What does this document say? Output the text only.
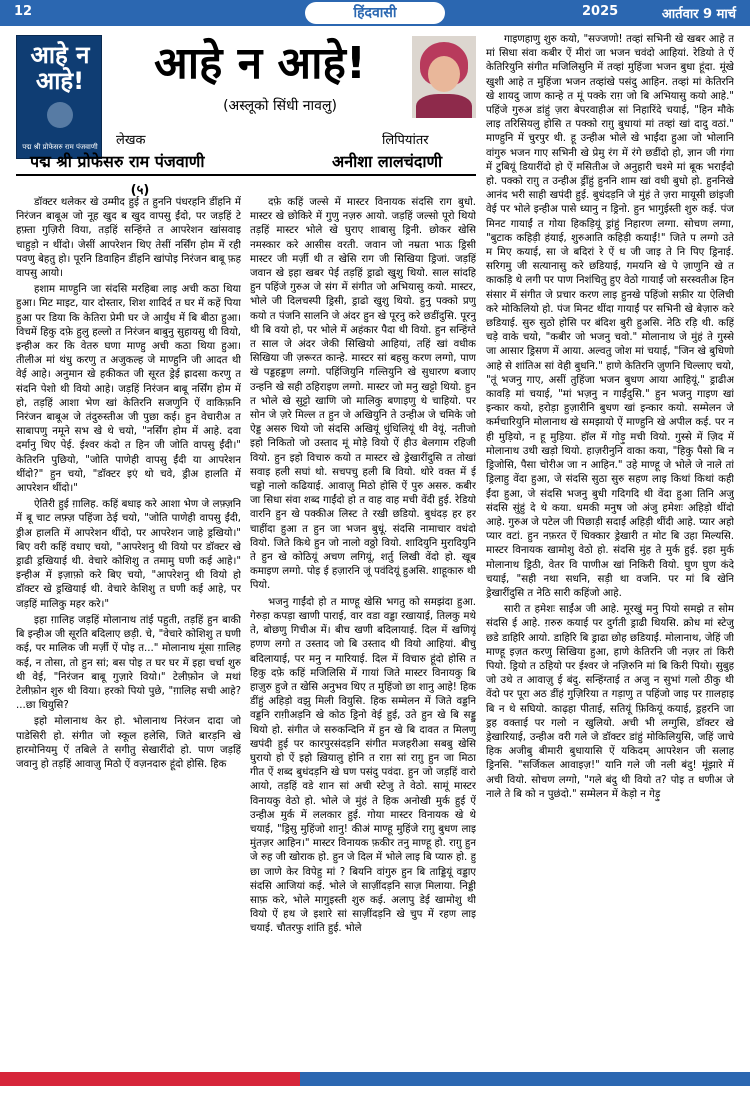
12	हिंदवासी	2025	आर्तवार 9 मार्च
आहे न आहे!
पद्म श्री प्रोफेसरु राम पंजवाणी
आहे न आहे!
(अस्लूको सिंधी नावलु)
लेखक	लिपियांतर
पद्म श्री प्रोफेसरु राम पंजवाणी	अनीशा लालचंदाणी
(५)

डॉक्टर थलेकर खे उम्मीद हुई त हुननि पंधरहनि डींहनि में निरंजन बाबूअ जो नूह खुद ब खुद वापसु ईंदो, पर जड़हिं टे हफ़्ता गुज़िरी विया, तड़हिं सन्हिंग्ते त आपरेशन खांसवाइ चाहुड़ो न थींदो। जेसीं आपरेशन थिए तेसीं नर्सिंग होम में रही पवणु बेहतु हो। पूरनि डिवाहिन डींहनि खांपोइ निरंजन बाबू फ़ह वापसु आयो।

हशाम माण्हुनि जा संदसि मरहिबा लाइ अची कठा थिया हुआ। मिट माइट, यार दोस्तार, शिश शादिर्द त घर में कहें पिया हुआ पर डिया कि केतिरा प्रेमी घर जे आर्युंध में बि बीठा हुआ। विचमें हिकु दफ़े हुलु हल्लो त निरंजन बाबुनु सुहायसु थी वियो, इन्हीअ कर कि वेतरु घणा माण्हु अची कठा थिया हुआ। तीलीअ मां थंधु करणु त अजुकल्ह जे माण्हुनि जी आदत थी वेई आहे। अनुमान खे हकीकत जी सूरत ड्रेई ह्रादसा करणु त संदनि पेशो थी वियो आहे। जड़हिं निरंजन बाबू नर्सिंग होम में हो, तड़हिं आशा भेण खां केतिरनि सजणुनि ऐं वाकिफ़नि निरंजन बाबूअ जे तंदुरुस्तीअ जी पुछा कई। हुन वेचारीअ त साबापणु नमूने सभ खे थे चयो, "नर्सिंग होम में आहे. दवा दर्मानु थिए पेई. ईश्वर कंदो त हिन जी जोति वापसु ईंदी।" केतिरनि पुछियो, "जोति पाणेही वापसु ईंदी या आपरेशन थींदो?" हुन चयो, "डॉक्टर इएं थो चवे, ड्रीअ हालति में आपरेशन थींदो।"

ऐतिरी हुई ग़ालिह. कहिं बधाइ करे आशा भेण जे लफ़्ज़नि में बू चाट लफ़्ज़ पहिंजा ठेई चयो, "जोति पाणेही वापसु ईंदी, ड्रीअ हालति में आपरेशन थींदो, पर आपरेशन जाहे ड्रखियो।" बिए वरी कहिं वधाए चयो, "आपरेशनु थी वियो पर डॉक्टर खे ड्राढी ड्रखियाई थी. वेचारे कोशिशु त तमामु घणी कई आहे।" इन्हीअ में इज़ाफ़ो करे बिए चयो, "आपरेशनु थी वियो हो डॉक्टर खे ड्रखियाई थी. वेचारे केशिशु त घणी कई आहे, पर जड़हिं मालिकु महर करे।"

इहा ग़ालिह जड़हिं मोलानाथ तांई पहुती, तड़हिं हुन बाकी बि इन्हीअ जी सूरति बदिलाए छड़ी. चे, "वेचारे कोशिशु त घणी कई, पर मालिक जी मर्ज़ी ऐं पोइ त..." मोलानाथ मूंसा ग़ालिह कई, न तोसा, तो हुन सां; बस पोइ त घर घर में इहा चर्चा शुरु थी वेई, "निरंजन बाबू गुज़ारे वियो।" टेलीफ़ोन जे मथां टेलीफ़ोन शुरु थी विया। हरको पियो पुछे, "ग़ालिह सची आहे? ...छा थियुसि?

इहो मोलानाथ केर हो. भोलानाथ निरंजन दादा जो पाडेसिरी हो. संगीत जो स्कूल हलेसि, जिते बारड़नि खे हारमोनियमु ऐं तबिले ते सगीतु सेखारींदो हो. पाण जड़हिं जवानु हो तड़हिं आवाज़ु मिठो ऐं वज़नदारु हूंदो होसि. हिक

दफ़े कहिं जल्से में मास्टर विनायक संदसि राग बुधो. मास्टर खे छोकिरे में गुणु नज़रु आयो. जड़हिं जल्सो पूरो थियो तड़हिं मास्टर भोले खे घुराए शाबासु ड्रिनी. छोकर खेसि नमस्कार करे आसीस वरती. जवान जो नम्रता भाऊ ड्रिसी मास्टर जी मर्ज़ी थी त खेसि राग जी सिखिया ड्रिजां. जड़हिं जवान खे इहा खबर पेई तड़हिं ड्राढो खुशु थियो. साल सांदहि हुन पहिंजे गुरुअ जे संग में संगीत जो अभियासु कयो. मास्टर, भोले जी दिलचस्पी ड्रिसी, ड्राढो खुशु थियो. हुनु पक्को प्रणु कयो त पंजनि सालनि जे अंदर हुन खे पूरनु करे छडींदुसि. पूरनु थी बि वयो हो, पर भोले में अहंकार पैदा थी वियो. हुन सन्हिंग्ते त साल जे अंदर जेकी सिखियो आहियां, तहिं खां वधीक सिखिया जी ज़रूरत कान्हे. मास्टर सां बहसु करण लग्गो, पाण खे पड्डहड्डण लग्गो. पहिंजियुनि गल्तियुनि खे सुधारण बजाए उन्हनि खे सही ठहिराइण लग्गो. मास्टर जो मनु खट्टो थियो. हुन त भोले खे सुट्टो खाणि जो मालिकु बणाइणु थे चाहियो. पर सोन जे ज़रे मिल्ल त हुन जे अखियुनि ते उन्हीअ जे चमिके जो ऐड्ड असरु थियो जो संदसि अखियूं धुंधिलियूं थी वेयूं. नतीजो इहो निकितो जो उस्ताद मूं मोड़े वियो ऐं हीउ बेलगाम रहिजी वियो. हुन इहो विचारु कयो त मास्टर खे ड्रेखारींदुसि त तोखां सवाइ हली सघां थो. सचपचु हली बि वियो. थोरे वक्त में ई चड्डो नालो कढियाई. आवाज़ु मिठो होसि ऐं पुरु असरु. कबीर जा सिधा संवा शब्द गाईंदो हो त वाह वाह मची वेंदी हुई. रेडियो वारनि हुन खे पक्कीअ लिस्ट ते रखी छडियो. बुधंदड़ हर हर चाहींदा हुआ त हुन जा भजन बुधूं. संदसि नामाचार वधंदो वियो. जिते किथे हुन जो नालो वठ्ठो वियो. शादियुनि मुरादियुनि ते हुन खे कोठियूं अचण लगियूं, शर्तु लिखी वेंदो हो. खूब कमाइण लग्गो. पोइ ई हज़ारनि जूं पवंदियूं हुअसि. शाहूकारु थी पियो.

भजनु गाईंदो हो त माण्हू खेसि भगतु को समझंदा हुआ. गेरुड़ा कपड़ा खाणी पाराई, वार वडा वड्डा रखायाई, तिलकु मथे ते, बोछणु गिचीअ में। बीच खणी बदिलायाई. दिल में खणियूं हणण लगो त उस्ताद जो बि उस्ताद थी वियो आहियां. बीचु बदिलायाई, पर मनु न मारियाई. दिल में विचारु हूंदो होसि त हिकु दफ़े कहिं मजिलिसि में गायां जिते मास्टर विनायकु बि हाज़ुरु हुजे त खेसि अनुभव थिए त मुहिंजो छा शानु आहे! हिक डींहुं अहिड़ो वझु मिली वियुसि. हिक सम्मेलन में जिते वड्डनि वड्डनि राग़ीअड़नि खे कोठ ड्रिनो वेई हुई, उते हुन खे बि सड्डु थियो हो. संगीत जे सरुकन्दिनि में हुन खे बि दावत त मिलणु खपंदी हुई पर कारपुरसंदड़नि संगीत मजहरीआ सबबु खेसि घुरायो हो ऐं इहो ख़ियालु होनि त राग़ सां राग़ु हुन जा मिठा गीत ऐं शब्द बुधंदड़नि खे घण पसंदु पवंदा. हुन जो जड़हिं वारो आयो, तड़हिं वडे शान सां अची स्टेजु ते वेठो. सामूं मास्टर विनायकु वेठो हो. भोले जे मुंहं ते हिक अनोखी मुर्क हुई ऐं उन्हीअ मुर्क में ललकार हुई. गोया मास्टर विनायक खे थे चयाई, "ड्रिसु मुहिंजो शानु! कीअं माण्हू मुहिंजे राग़ु बुधण लाइ मुंतज़र आहिन।" मास्टर विनायक फ़कीर तनु माण्हू हो. राग़ु हुन जे रुह जी खोराक हो. हुन जे दिल में भोले लाइ बि प्यारु हो. हु छा जाणे केर विपेहु मां ? बियनि वांगुरु हुन बि ताड्डियूं वड्डाए संदसि आजियां कई. भोले जे साज़ींदड़नि साज़ मिलाया. निड्डी साफ़ करे, भोले मागुइस्ती शुरु कई. अलापु डेई खामोशु थी वियो ऐं हथ जे इशारे सां साज़ींदड़नि खे चुप में रहण लाइ चयाई. चौतरफु शांति हुई. भोले

गाइणहाणु शुरु कयो, "सज्जणो! तव्हां सभिनी खे खबर आहे त मां सिधा संवा कबीर ऐं मीरां जा भजन चवंदो आहियां. रेडियो ते ऐं केतिरियुनि संगीत मजिलिसुनि में तव्हां मुहिंजा भजन बुधा हूंदा. मूंखे खुशी आहे त मुहिंजा भजन तव्हांखे पसंदु आहिन. तव्हां मां केतिरनि खे शायदु जाण कान्हे त मूं पक्के राग़ जो बि अभियासु कयो आहे." पहिंजे गुरुअ डांहुं ज़रा बेपरवाहीअ सां निहारिंदे चयाई, "हिन मौके लाइ तरिसियलु होसि त पक्को राग़ु बुधायां मां तव्हां खां दादु वठां." माण्हुनि में चुरपुर थी. हू उन्हीअ भोले खे भाईंदा हुआ जो भोलानि वांगुरु भजन गाए सभिनी खे प्रेमु रंग में रंगे छडींदो हो, ज्ञान जी गंगा में टुबियूं डियारींदो हो ऐं मसितीअ जे अनुहारी चश्मे मां बूक भराईंदो हो. पक्को राग़ु त उन्हीअ ड्रींहुं हुननि शाम खां वधी बुधो हो. हुननिखे आनंद भरी साही खपंदी हुई. बुधंदड़नि जे मुंहं ते ज़रा मायूसी छांइजी वेई पर भोले इन्हीअ पासे ध्यानु न ड्रिनो. हुन भागुईस्ती शुरु कई. पंज मिनट गायाईं त गोया हिकड़ियूं ड्रांहुं निहारण लग्गा. सोचण लग्गा, "बुटाक कहिड़ी हंयाई, शुरुआति कहिड़ी कयाईं!" जिते प लग्गो उते म मिए कयाई, सा जे बदिरां रे ऐं ध जी जाइ ते नि पिए ड्रिनाई. सरिगमु जी सत्यानासु करे छडियाई, गमयनि खे पे ज़ाणुनि खे त काकड़ि थे लगी पर पाण निशंचितु हुए वेठो गायाईं जो सरस्वतीअ हिन संसार में संगीत जे प्रचार करण लाइ हुनखे पहिंजो सफ़ीर या ऐलिची करे मोकिलियो हो. पंज मिनट थींदा गायाईं पर सभिनी खे बेज़ारु करे छडियाई. सुरु सुठो होसि पर बंदिश बुरी हुअसि. नेठि रड़ि थी. कहिं चड़े वाके चयो, "कबीर जो भजनु चवो." मोलानाथ जे मुंहं ते गुस्से जा आसार ड्रिसण में आया. अल्वतु जोश मां चयाई, "जिन खे बुधिणो आहे से शांतिअ सां वेही बुधनि." हाणे केतिरनि ज़ुणनि चिल्लाए चयो, "तूं भजनु गाए, असीं तुहिंजा भजन बुधण आया आहियूं." ड्राढीअ कावड़ि मां चयाई, "मां भज़नु न गाईंदुसि." हुन भजनु गाइण खां इन्कार कयो, हरोड़ा हुज़ारीनि बुधण खां इन्कार कयो. सम्मेलन जे कर्मचारियुनि मोलानाथ खे समझायो ऐं माण्हुनि खे अपील कई. पर न ही मुड़ियो, न हू मुड़िया. हॉल में गोड़ु मची वियो. गुस्से में ज़िद में मोलानाथ उथी खड़ो थियो. हाज़रीनुनि वाका कया, "हिकु पैसो बि न ड्रिजोसि, पैसा चोरीअ जा न आहिन." उहे माण्हू जे भोले जे नाले तां ड्रिलाहु वेंदा हुआ, जे संदसि सुठा सुरु सहण लाइ किथां किथां कही ईंदा हुआ, जे संदसि भजनु बुधी गदिगदि थी वेंदा हुआ तिनि अजु संदसि सुंहुं दे थे कया. धमकी मनुष जो अंजु हमेशः अहिड़ो थींदो आहे. गुरुअ जे पटेल जी पिछाड़ी सदाईं अहिड़ी थींदी आहे. प्यार अहो प्यार वटां. हुन नफ़रत ऐं धिक्कार ड्रेखारी त मोट बि उहा मिल्यसि. मास्टर विनायक खामोशु वेठो हो. संदसि मुंह ते मुर्क हुई. इहा मुर्क मोलानाथ ड्रिठी, वेतर वि पाणीअ खां निकिरी वियो. घुण घुण कंदे चयाई, "सही नथा सधनि, सड़ी था वजनि. पर मां बि खेनि ड्रेखारींदुसि त नेठि सारी कहिंजो आहे.

सारी त हमेशः साईंअ जी आहे. मूरखुं मनु पियो समझे त सोम संदसि ई आहे. ग़रुरु कयाई पर दुर्गती ड्राढी थियसि. क्रोध मां स्टेजु छडे डाहिरि आयो. डाहिरि बि ड्राढा छोह छडियाईं. मोलानाथ, जेहिं जी माण्हू इज़त करणु सिखिया हुआ, हाणे केतिरनि जी नज़र तां किरी पियो. ड्रियो त ठहियो पर ईश्वर जे नज़िरुनि मां बि किरी पियो। सुबुह जो उथे त आवाज़ु ई बंदु. सन्हिंग्ताई त अजु न सुभां गलो ठीकु थी वेंदो पर पूरा अठ डींहं गुज़िरिया त गड़ाणु त पहिंजो जाइ पर ग़ालहाइ बि न थे सघियो. काढ़हा पीताई, सतियूं फ़िकियूं कयाई, ड्रहरनि जा ड्रह वक्ताई पर गलो न खुलियो. अची भी लग्गुसि, डॉक्टर खे ड्रेखारियाई, उन्हीअ वरी गले जे डॉक्टर डांहुं मोकिलियुसि, जहिं जाचे हिक अजीबु बीमारी बुधायासि ऐं यकिदम् आपरेशन जी सलाह ड्रिनसि. "सर्जिकल आवाइज़!" यानि गले जी नली बंदु! मूंझारे में अची वियो. सोचण लग्गो, "गले बंदु थी वियो त? पोइ त धणीअ जे नाले ते बि को न पुछंदो." सम्मेलन में केड़ो न गेड़ु
